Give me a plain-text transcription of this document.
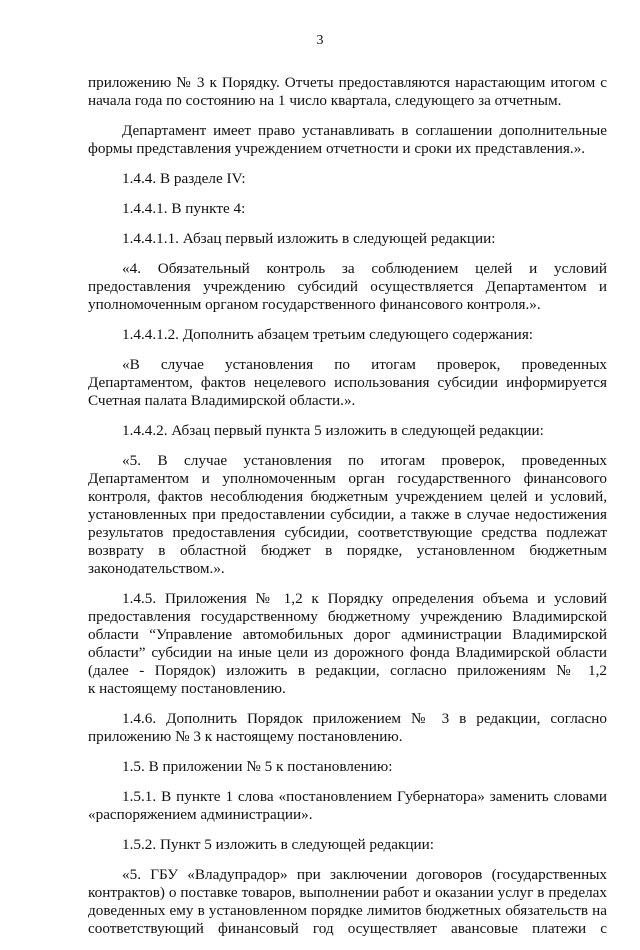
3
приложению № 3 к Порядку. Отчеты предоставляются нарастающим итогом с
начала года по состоянию на 1 число квартала, следующего за отчетным.
Департамент имеет право устанавливать в соглашении дополнительные
формы представления учреждением отчетности и сроки их представления.».
1.4.4. В разделе IV:
1.4.4.1. В пункте 4:
1.4.4.1.1. Абзац первый изложить в следующей редакции:
«4. Обязательный контроль за соблюдением целей и условий
предоставления учреждению субсидий осуществляется Департаментом и
уполномоченным органом государственного финансового контроля.».
1.4.4.1.2. Дополнить абзацем третьим следующего содержания:
«В случае установления по итогам проверок, проведенных
Департаментом, фактов нецелевого использования субсидии информируется
Счетная палата Владимирской области.».
1.4.4.2. Абзац первый пункта 5 изложить в следующей редакции:
«5. В случае установления по итогам проверок, проведенных
Департаментом и уполномоченным орган государственного финансового
контроля, фактов несоблюдения бюджетным учреждением целей и условий,
установленных при предоставлении субсидии, а также в случае недостижения
результатов предоставления субсидии, соответствующие средства подлежат
возврату в областной бюджет в порядке, установленном бюджетным
законодательством.».
1.4.5. Приложения № 1,2 к Порядку определения объема и условий
предоставления государственному бюджетному учреждению Владимирской
области “Управление автомобильных дорог администрации Владимирской
области” субсидии на иные цели из дорожного фонда Владимирской области
(далее - Порядок) изложить в редакции, согласно приложениям № 1,2
к настоящему постановлению.
1.4.6. Дополнить Порядок приложением № 3 в редакции, согласно
приложению № 3 к настоящему постановлению.
1.5. В приложении № 5 к постановлению:
1.5.1. В пункте 1 слова «постановлением Губернатора» заменить словами
«распоряжением администрации».
1.5.2. Пункт 5 изложить в следующей редакции:
«5. ГБУ «Владупрадор» при заключении договоров (государственных
контрактов) о поставке товаров, выполнении работ и оказании услуг в пределах
доведенных ему в установленном порядке лимитов бюджетных обязательств на
соответствующий финансовый год осуществляет авансовые платежи с
